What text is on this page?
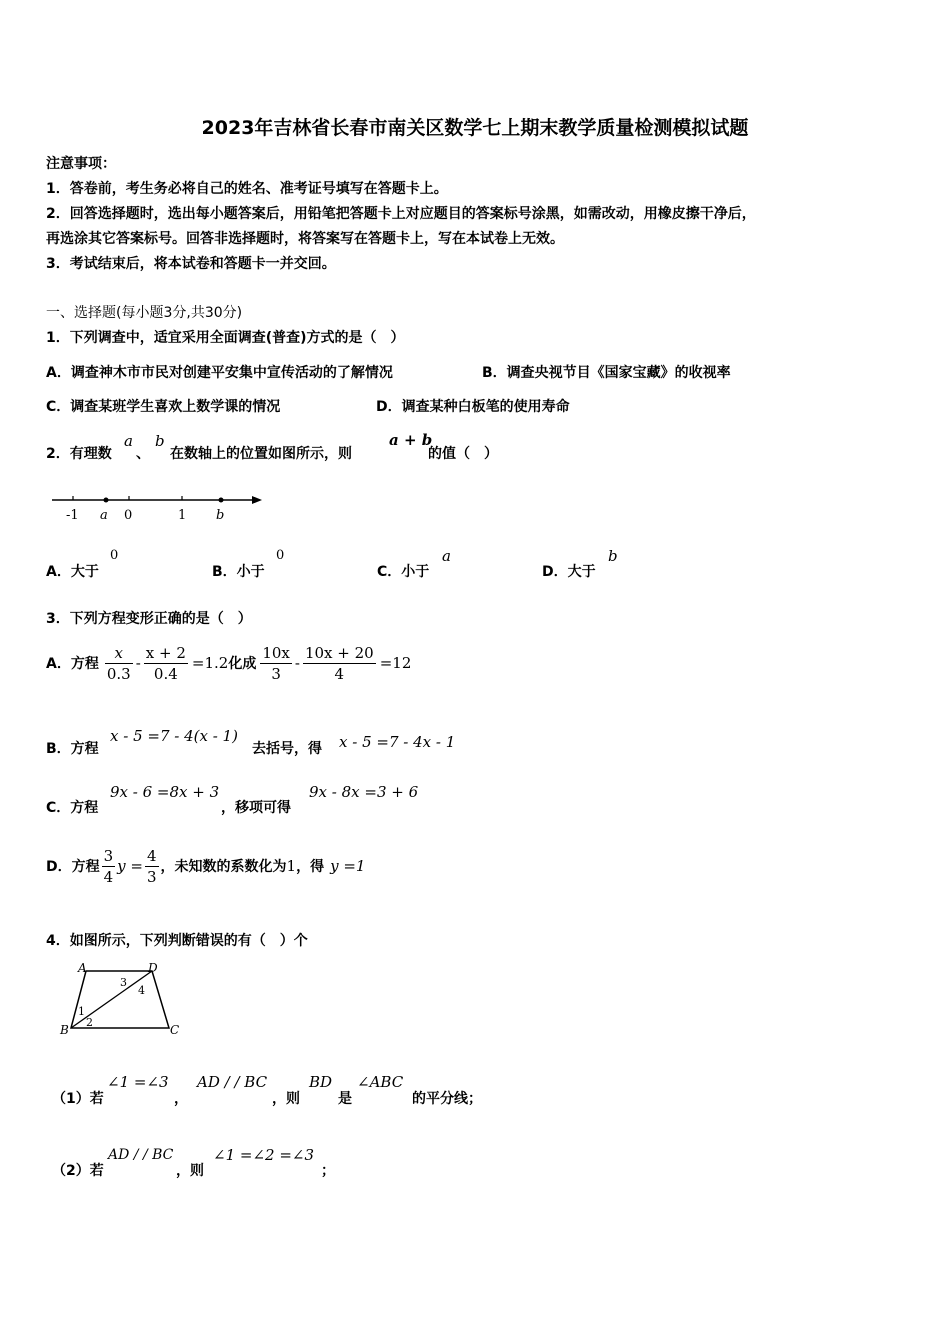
2023年吉林省长春市南关区数学七上期末教学质量检测模拟试题
注意事项：
1．答卷前，考生务必将自己的姓名、准考证号填写在答题卡上。
2．回答选择题时，选出每小题答案后，用铅笔把答题卡上对应题目的答案标号涂黑，如需改动，用橡皮擦干净后，
再选涂其它答案标号。回答非选择题时，将答案写在答题卡上，写在本试卷上无效。
3．考试结束后，将本试卷和答题卡一并交回。
一、选择题(每小题3分,共30分)
1．下列调查中，适宜采用全面调查(普查)方式的是（　）
A．调查神木市市民对创建平安集中宣传活动的了解情况	B．调查央视节目《国家宝藏》的收视率
C．调查某班学生喜欢上数学课的情况	D．调查某种白板笔的使用寿命
2．有理数
a
、
b
在数轴上的位置如图所示，则
a + b
的值（　）
-1 a 0	1 b
A．大于
0
B．小于
0
C．小于
a
D．大于
b
3．下列方程变形正确的是（　）
A．方程 $\frac{x}{0.3} - \frac{x + 2}{0.4} =1.2$ 化成 $\frac{10x}{3} - \frac{10x + 20}{4} =12$
B．方程
x - 5 =7 - 4(x - 1)
去括号，得 x - 5 =7 - 4x - 1
C．方程
9x - 6 =8x + 3
，移项可得
9x - 8x =3 + 6
D．方程 $\frac{3}{4}$ $y = \frac{4}{3}$ ，未知数的系数化为 1 ，得 y =1
4．如图所示，下列判断错误的有（　）个
A	D
B	C
1
2
3
4
（1）若
∠1 =∠3
，
AD / / BC
，则
BD
是
∠ABC
的平分线；
（2）若
AD / / BC
，则
∠1 =∠2 =∠3
；
